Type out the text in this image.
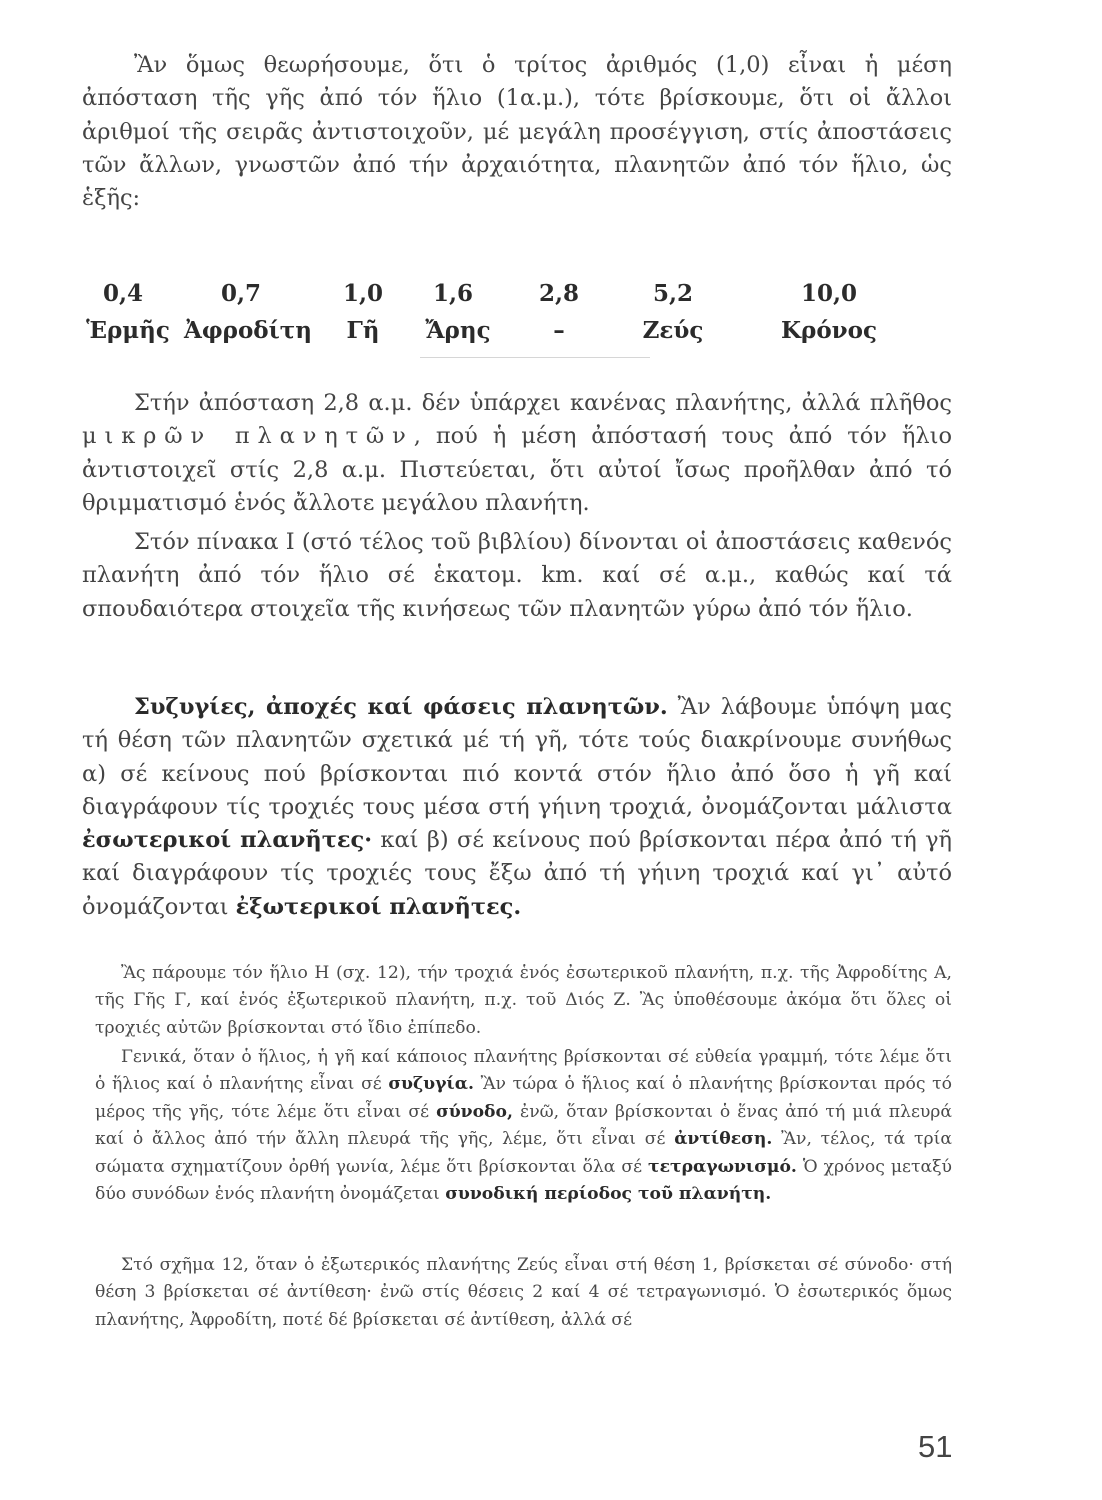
Ἂν ὅμως θεωρήσουμε, ὅτι ὁ τρίτος ἀριθμός (1,0) εἶναι ἡ μέση ἀπόσταση τῆς γῆς ἀπό τόν ἥλιο (1α.μ.), τότε βρίσκουμε, ὅτι οἱ ἄλλοι ἀριθμοί τῆς σειρᾶς ἀντιστοιχοῦν, μέ μεγάλη προσέγγιση, στίς ἀποστάσεις τῶν ἄλλων, γνωστῶν ἀπό τήν ἀρχαιότητα, πλανητῶν ἀπό τόν ἥλιο, ὡς ἑξῆς:

0,4
Ἑρμῆς
0,7
Ἀφροδίτη
1,0
Γῆ
1,6
Ἄρης
2,8
–
5,2
Ζεύς
10,0
Κρόνος

Στήν ἀπόσταση 2,8 α.μ. δέν ὑπάρχει κανένας πλανήτης, ἀλλά πλῆθος μικρῶν πλανητῶν, πού ἡ μέση ἀπόστασή τους ἀπό τόν ἥλιο ἀντιστοιχεῖ στίς 2,8 α.μ. Πιστεύεται, ὅτι αὐτοί ἴσως προῆλθαν ἀπό τό θριμματισμό ἑνός ἄλλοτε μεγάλου πλανήτη.

Στόν πίνακα Ι (στό τέλος τοῦ βιβλίου) δίνονται οἱ ἀποστάσεις καθενός πλανήτη ἀπό τόν ἥλιο σέ ἑκατομ. km. καί σέ α.μ., καθώς καί τά σπουδαιότερα στοιχεῖα τῆς κινήσεως τῶν πλανητῶν γύρω ἀπό τόν ἥλιο.

Συζυγίες, ἀποχές καί φάσεις πλανητῶν. Ἂν λάβουμε ὑπόψη μας τή θέση τῶν πλανητῶν σχετικά μέ τή γῆ, τότε τούς διακρίνουμε συνήθως α) σέ κείνους πού βρίσκονται πιό κοντά στόν ἥλιο ἀπό ὅσο ἡ γῆ καί διαγράφουν τίς τροχιές τους μέσα στή γήινη τροχιά, ὀνομάζονται μάλιστα ἐσωτερικοί πλανῆτες· καί β) σέ κείνους πού βρίσκονται πέρα ἀπό τή γῆ καί διαγράφουν τίς τροχιές τους ἔξω ἀπό τή γήινη τροχιά καί γι᾽ αὐτό ὀνομάζονται ἐξωτερικοί πλανῆτες.

Ἂς πάρουμε τόν ἥλιο Η (σχ. 12), τήν τροχιά ἑνός ἐσωτερικοῦ πλανήτη, π.χ. τῆς Ἀφροδίτης Α, τῆς Γῆς Γ, καί ἑνός ἐξωτερικοῦ πλανήτη, π.χ. τοῦ Διός Ζ. Ἂς ὑποθέσουμε ἀκόμα ὅτι ὅλες οἱ τροχιές αὐτῶν βρίσκονται στό ἴδιο ἐπίπεδο.

Γενικά, ὅταν ὁ ἥλιος, ἡ γῆ καί κάποιος πλανήτης βρίσκονται σέ εὐθεία γραμμή, τότε λέμε ὅτι ὁ ἥλιος καί ὁ πλανήτης εἶναι σέ συζυγία. Ἂν τώρα ὁ ἥλιος καί ὁ πλανήτης βρίσκονται πρός τό μέρος τῆς γῆς, τότε λέμε ὅτι εἶναι σέ σύνοδο, ἐνῶ, ὅταν βρίσκονται ὁ ἕνας ἀπό τή μιά πλευρά καί ὁ ἄλλος ἀπό τήν ἄλλη πλευρά τῆς γῆς, λέμε, ὅτι εἶναι σέ ἀντίθεση. Ἂν, τέλος, τά τρία σώματα σχηματίζουν ὀρθή γωνία, λέμε ὅτι βρίσκονται ὅλα σέ τετραγωνισμό. Ὁ χρόνος μεταξύ δύο συνόδων ἑνός πλανήτη ὀνομάζεται συνοδική περίοδος τοῦ πλανήτη.

Στό σχῆμα 12, ὅταν ὁ ἐξωτερικός πλανήτης Ζεύς εἶναι στή θέση 1, βρίσκεται σέ σύνοδο· στή θέση 3 βρίσκεται σέ ἀντίθεση· ἐνῶ στίς θέσεις 2 καί 4 σέ τετραγωνισμό. Ὁ ἐσωτερικός ὅμως πλανήτης, Ἀφροδίτη, ποτέ δέ βρίσκεται σέ ἀντίθεση, ἀλλά σέ

51
